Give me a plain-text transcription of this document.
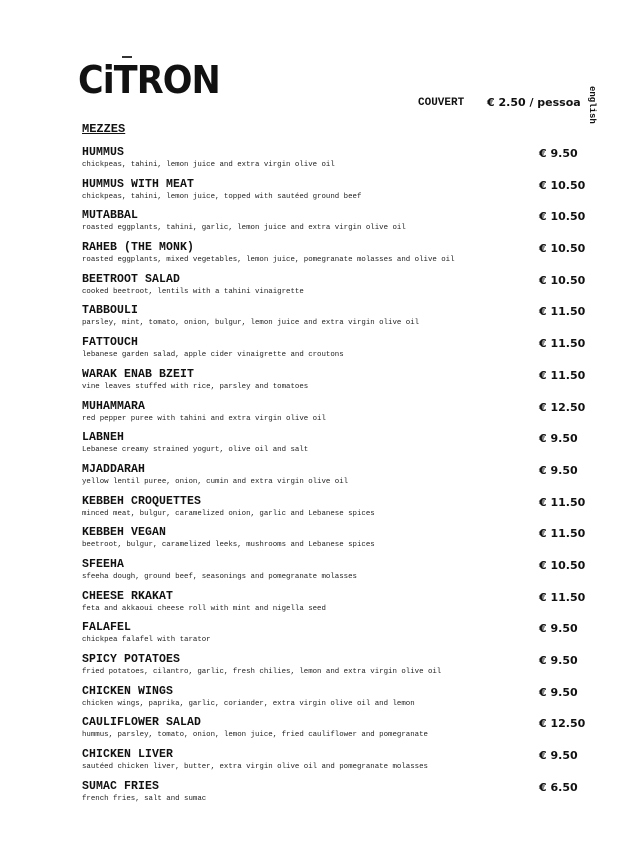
CiTRON
COUVERT € 2.50 / pessoa english
MEZZES
HUMMUS
chickpeas, tahini, lemon juice and extra virgin olive oil
€ 9.50
HUMMUS WITH MEAT
chickpeas, tahini, lemon juice, topped with sautéed ground beef
€ 10.50
MUTABBAL
roasted eggplants, tahini, garlic, lemon juice and extra virgin olive oil
€ 10.50
RAHEB (THE MONK)
roasted eggplants, mixed vegetables, lemon juice, pomegranate molasses and olive oil
€ 10.50
BEETROOT SALAD
cooked beetroot, lentils with a tahini vinaigrette
€ 10.50
TABBOULI
parsley, mint, tomato, onion, bulgur, lemon juice and extra virgin olive oil
€ 11.50
FATTOUCH
lebanese garden salad, apple cider vinaigrette and croutons
€ 11.50
WARAK ENAB BZEIT
vine leaves stuffed with rice, parsley and tomatoes
€ 11.50
MUHAMMARA
red pepper puree with tahini and extra virgin olive oil
€ 12.50
LABNEH
Lebanese creamy strained yogurt, olive oil and salt
€ 9.50
MJADDARAH
yellow lentil puree, onion, cumin and extra virgin olive oil
€ 9.50
KEBBEH CROQUETTES
minced meat, bulgur, caramelized onion, garlic and Lebanese spices
€ 11.50
KEBBEH VEGAN
beetroot, bulgur, caramelized leeks, mushrooms and Lebanese spices
€ 11.50
SFEEHA
sfeeha dough, ground beef, seasonings and pomegranate molasses
€ 10.50
CHEESE RKAKAT
feta and akkaoui cheese roll with mint and nigella seed
€ 11.50
FALAFEL
chickpea falafel with tarator
€ 9.50
SPICY POTATOES
fried potatoes, cilantro, garlic, fresh chilies, lemon and extra virgin olive oil
€ 9.50
CHICKEN WINGS
chicken wings, paprika, garlic, coriander, extra virgin olive oil and lemon
€ 9.50
CAULIFLOWER SALAD
hummus, parsley, tomato, onion, lemon juice, fried cauliflower and pomegranate
€ 12.50
CHICKEN LIVER
sautéed chicken liver, butter, extra virgin olive oil and pomegranate molasses
€ 9.50
SUMAC FRIES
french fries, salt and sumac
€ 6.50
